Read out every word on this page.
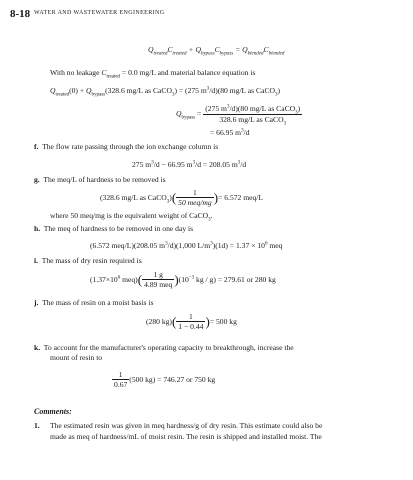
8-18 WATER AND WASTEWATER ENGINEERING
$Q_{treated}C_{treated} + Q_{bypass}C_{bypass} = Q_{blended}C_{blended}$
With no leakage $C_{treated} = 0.0$ mg/L and material balance equation is
$Q_{treated}(0) + Q_{bypass}(328.6$ mg/L as CaCO$_3$) = (275 $m^3/d)(80$ mg/L as CaCO$_3$)
$Q_{bypass} = \frac{(275 m^3/d)(80 mg/L as CaCO_3)}{328.6 mg/L as CaCO_3}$
= 66.95 $m^3/d$
f. The flow rate passing through the ion exchange column is
275 $m^3/d - 66.95$ $m^3/d = 208.05$ $m^3/d$
g. The meq/L of hardness to be removed is
(328.6 mg/L as CaCO$_3$)( $\frac{1}{\text{50 meq/mg}}$ )= 6.572 meq/L
where 50 meq/mg is the equivalent weight of CaCO$_3$.
h. The meq of hardness to be removed in one day is
(6.572 meq/L)(208.05 $m^3/d)(1,000$ $L/m^3)(1d) = 1.37 \times 10^6$ meq
i. The mass of dry resin required is
($1.37\times 10^6$ $meq)( \frac{1 g}{\text{4.89 meq}} )(10^{-3}$ kg / g) = 279.61 or 280 kg
j. The mass of resin on a moist basis is
(280 $kg)( \frac{1}{1 - 0.44}$ )= 500 kg
k. To account for the manufacturer's operating capacity to breakthrough, increase the
mount of resin to
$\frac{1}{0.67} (500$ kg) = 746.27 or 750 kg
Comments:
1. The estimated resin was given in meq hardness/g of dry resin. This estimate could also be
made as meq of hardness/mL of moist resin. The resin is shipped and installed moist. The
